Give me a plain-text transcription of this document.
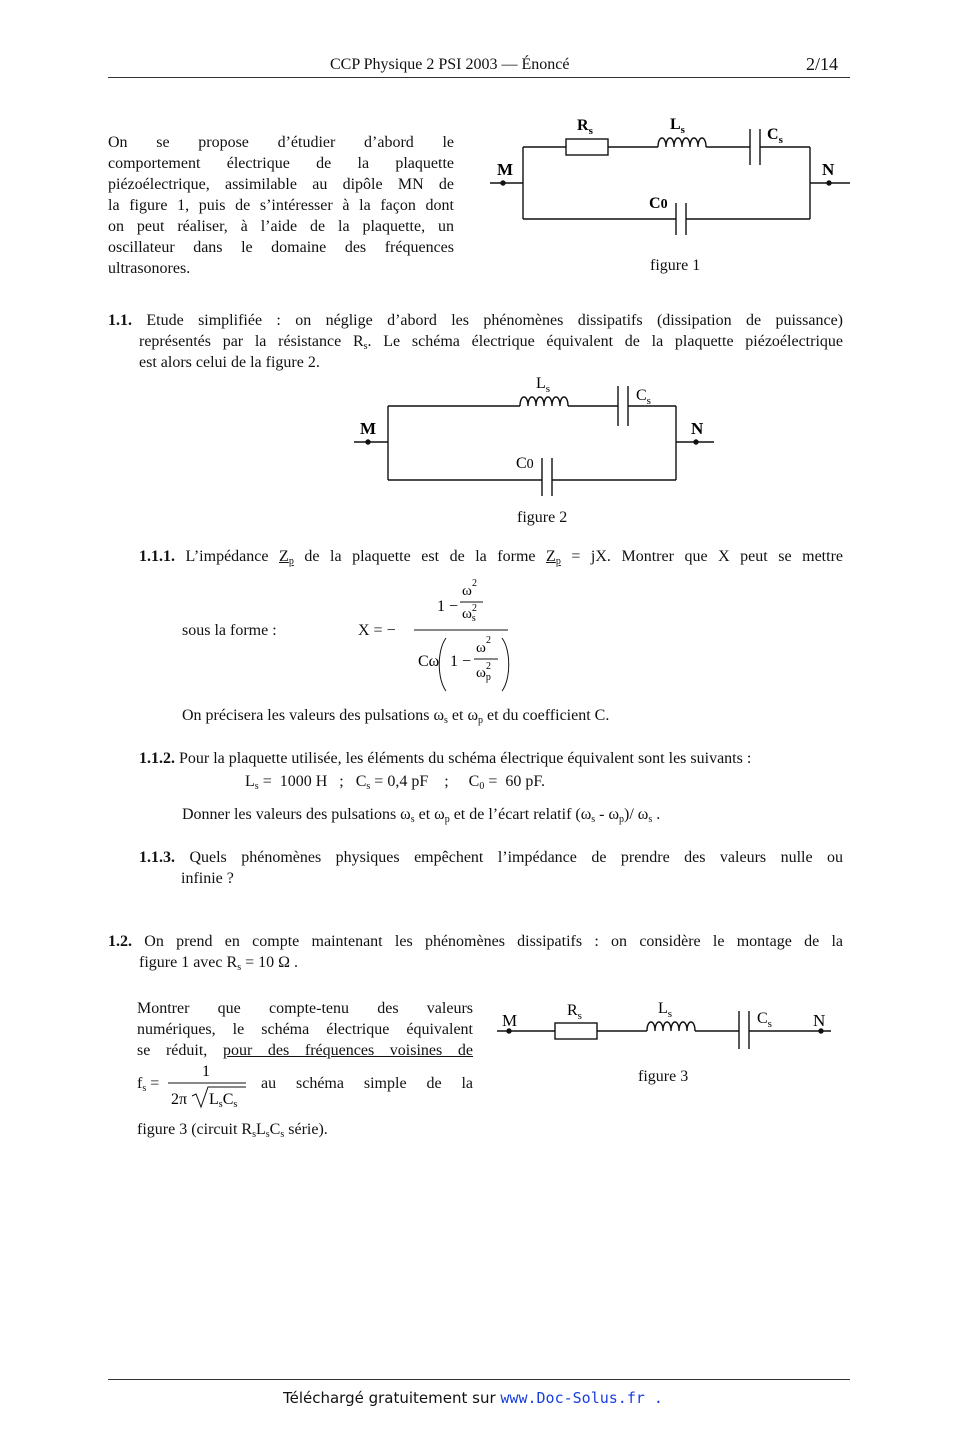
CCP Physique 2 PSI 2003 — Énoncé	2/14
On se propose d’étudier d’abord le
comportement électrique de la plaquette
piézoélectrique, assimilable au dipôle MN de
la figure 1, puis de s’intéresser à la façon dont
on peut réaliser, à l’aide de la plaquette, un
oscillateur dans le domaine des fréquences
ultrasonores.
M	N
$R_s$	$L_s$	$C_s$
C0
figure 1
1.1. Etude simplifiée : on néglige d’abord les phénomènes dissipatifs (dissipation de puissance)
représentés par la résistance $R_s$. Le schéma électrique équivalent de la plaquette piézoélectrique
est alors celui de la figure 2.
M	N
$L_s$	$C_s$
C0
figure 2
1.1.1. L’impédance $Z_p$ de la plaquette est de la forme $Z_p$ = jX. Montrer que X peut se mettre
sous la forme :	X = −
1 −
ω 2
$\omega_s$
2
Cω 1 −
ω 2
$\omega_p$
2
On précisera les valeurs des pulsations $\omega_s$ et $\omega_p$ et du coefficient C.
1.1.2. Pour la plaquette utilisée, les éléments du schéma électrique équivalent sont les suivants :
$L_s = 1000$ H   ;   $C_s = 0,4$ pF    ;     $C_0 = 60$ pF.
Donner les valeurs des pulsations $\omega_s$ et $\omega_p$ et de l’écart relatif $(\omega_s - \omega_p)/$ $\omega_s$ .
1.1.3. Quels phénomènes physiques empêchent l’impédance de prendre des valeurs nulle ou
infinie ?
1.2. On prend en compte maintenant les phénomènes dissipatifs : on considère le montage de la
figure 1 avec $R_s = 10$ Ω .
Montrer que compte-tenu des valeurs
numériques, le schéma électrique équivalent
se réduit, pour des fréquences voisines de
$f_s$ =
1
2π LsCs
au schéma simple de la
figure 3 (circuit $R_sL_sC_s$ série).
M	N
$R_s$	$L_s$	$C_s$
figure 3
Téléchargé gratuitement sur www.Doc-Solus.fr .
